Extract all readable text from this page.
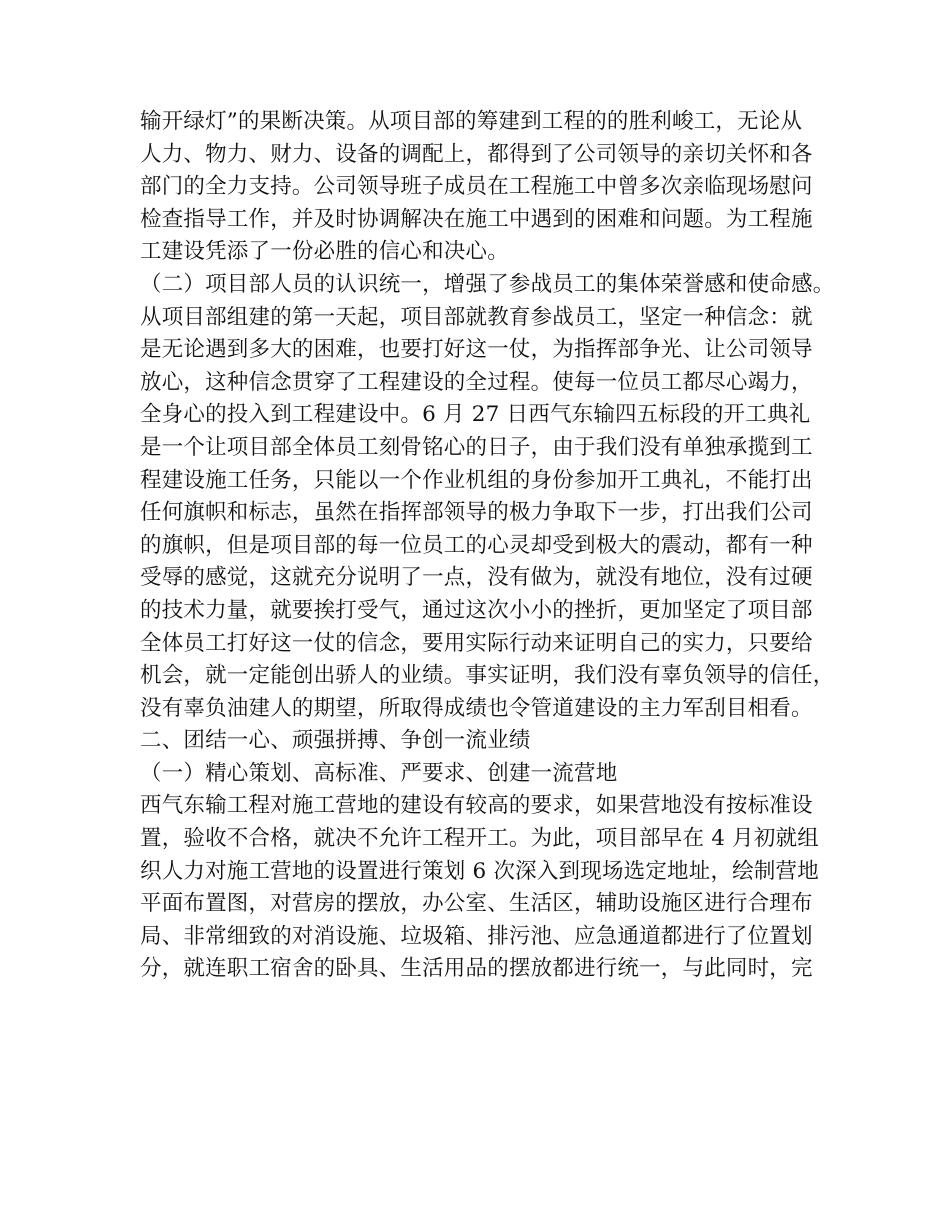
输开绿灯”的果断决策。从项目部的筹建到工程的的胜利峻工，无论从
人力、物力、财力、设备的调配上，都得到了公司领导的亲切关怀和各
部门的全力支持。公司领导班子成员在工程施工中曾多次亲临现场慰问
检查指导工作，并及时协调解决在施工中遇到的困难和问题。为工程施
工建设凭添了一份必胜的信心和决心。
（二）项目部人员的认识统一，增强了参战员工的集体荣誉感和使命感。
从项目部组建的第一天起，项目部就教育参战员工，坚定一种信念：就
是无论遇到多大的困难，也要打好这一仗，为指挥部争光、让公司领导
放心，这种信念贯穿了工程建设的全过程。使每一位员工都尽心竭力，
全身心的投入到工程建设中。6 月 27 日西气东输四五标段的开工典礼
是一个让项目部全体员工刻骨铭心的日子，由于我们没有单独承揽到工
程建设施工任务，只能以一个作业机组的身份参加开工典礼，不能打出
任何旗帜和标志，虽然在指挥部领导的极力争取下一步，打出我们公司
的旗帜，但是项目部的每一位员工的心灵却受到极大的震动，都有一种
受辱的感觉，这就充分说明了一点，没有做为，就没有地位，没有过硬
的技术力量，就要挨打受气，通过这次小小的挫折，更加坚定了项目部
全体员工打好这一仗的信念，要用实际行动来证明自己的实力，只要给
机会，就一定能创出骄人的业绩。事实证明，我们没有辜负领导的信任，
没有辜负油建人的期望，所取得成绩也令管道建设的主力军刮目相看。
二、团结一心、顽强拼搏、争创一流业绩
（一）精心策划、高标准、严要求、创建一流营地
西气东输工程对施工营地的建设有较高的要求，如果营地没有按标准设
置，验收不合格，就决不允许工程开工。为此，项目部早在 4 月初就组
织人力对施工营地的设置进行策划 6 次深入到现场选定地址，绘制营地
平面布置图，对营房的摆放，办公室、生活区，辅助设施区进行合理布
局、非常细致的对消设施、垃圾箱、排污池、应急通道都进行了位置划
分，就连职工宿舍的卧具、生活用品的摆放都进行统一，与此同时，完
